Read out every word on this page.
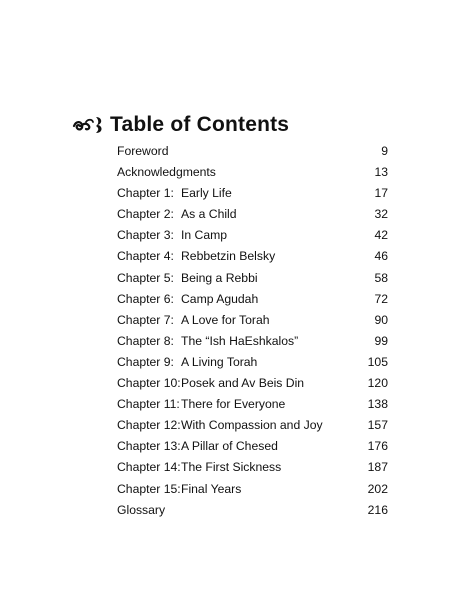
Table of Contents
Foreword	9
Acknowledgments	13
Chapter 1: Early Life	17
Chapter 2: As a Child	32
Chapter 3: In Camp	42
Chapter 4: Rebbetzin Belsky	46
Chapter 5: Being a Rebbi	58
Chapter 6: Camp Agudah	72
Chapter 7: A Love for Torah	90
Chapter 8: The “Ish HaEshkalos”	99
Chapter 9: A Living Torah	105
Chapter 10: Posek and Av Beis Din	120
Chapter 11: There for Everyone	138
Chapter 12: With Compassion and Joy	157
Chapter 13: A Pillar of Chesed	176
Chapter 14: The First Sickness	187
Chapter 15: Final Years	202
Glossary	216
